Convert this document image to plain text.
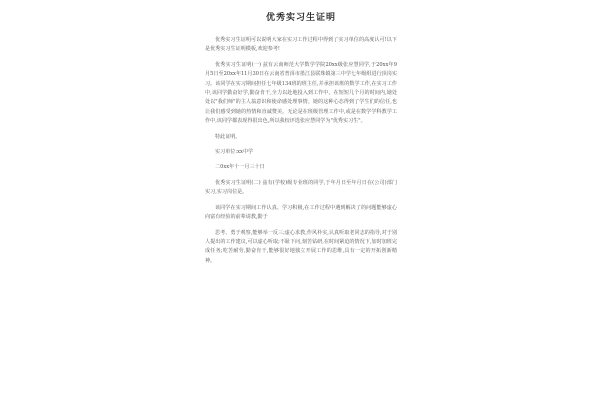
优秀实习生证明
优秀实习生证明可以说明大家在实习工作过程中得到了实习单位的高度认可!以下是优秀实习生证明模板,欢迎参考!
优秀实习生证明(一) 兹有云南师范大学数学学院20xx级张应慧同学,于20xx年9月5日至20xx年11月30日在云南省普洱市墨江县联珠镇第三中学七年级组进行顶岗实习。该同学在实习期间担任七年级134班的班主任,并承担该班的数学工作,在实习工作中,该同学勤奋好学,勤奋肯干,全力以赴地投入到工作中。在短短几个月的时间内,她处处以"我们师"的主人翁意识和使命感处理事情。她的这种心态得到了学生们的信任,也让我们感受到她的热情和直诚赞美。无论是在班级管理工作中,或是在数学学科教学工作中,该同学都表现得很出色,所以我校评选张应慧同学为"优秀实习生"。
特此证明。
实习单位:xx中学
二0xx年十一月三十日
优秀实习生证明(二) 兹有(学校)级专业班的同学,于年月日至年月日在(公司)部门实习,实习岗位是。
该同学在实习期间工作认真、学习积极,在工作过程中遇到解决了的问题能够虚心向富有经验的前辈请教,勤于
思考、勇于观察,能够举一反三;虚心求教,作风朴实,认真听取老同志的指导,对于别人提出的工作建议,可以虚心听取;不耻下问,刻苦钻研,在时间紧迫的情况下,加时加班完成任务;吃苦耐劳,勤奋肯干,能够很好地独立开展工作的思维,具有一定的开拓创新精神。
